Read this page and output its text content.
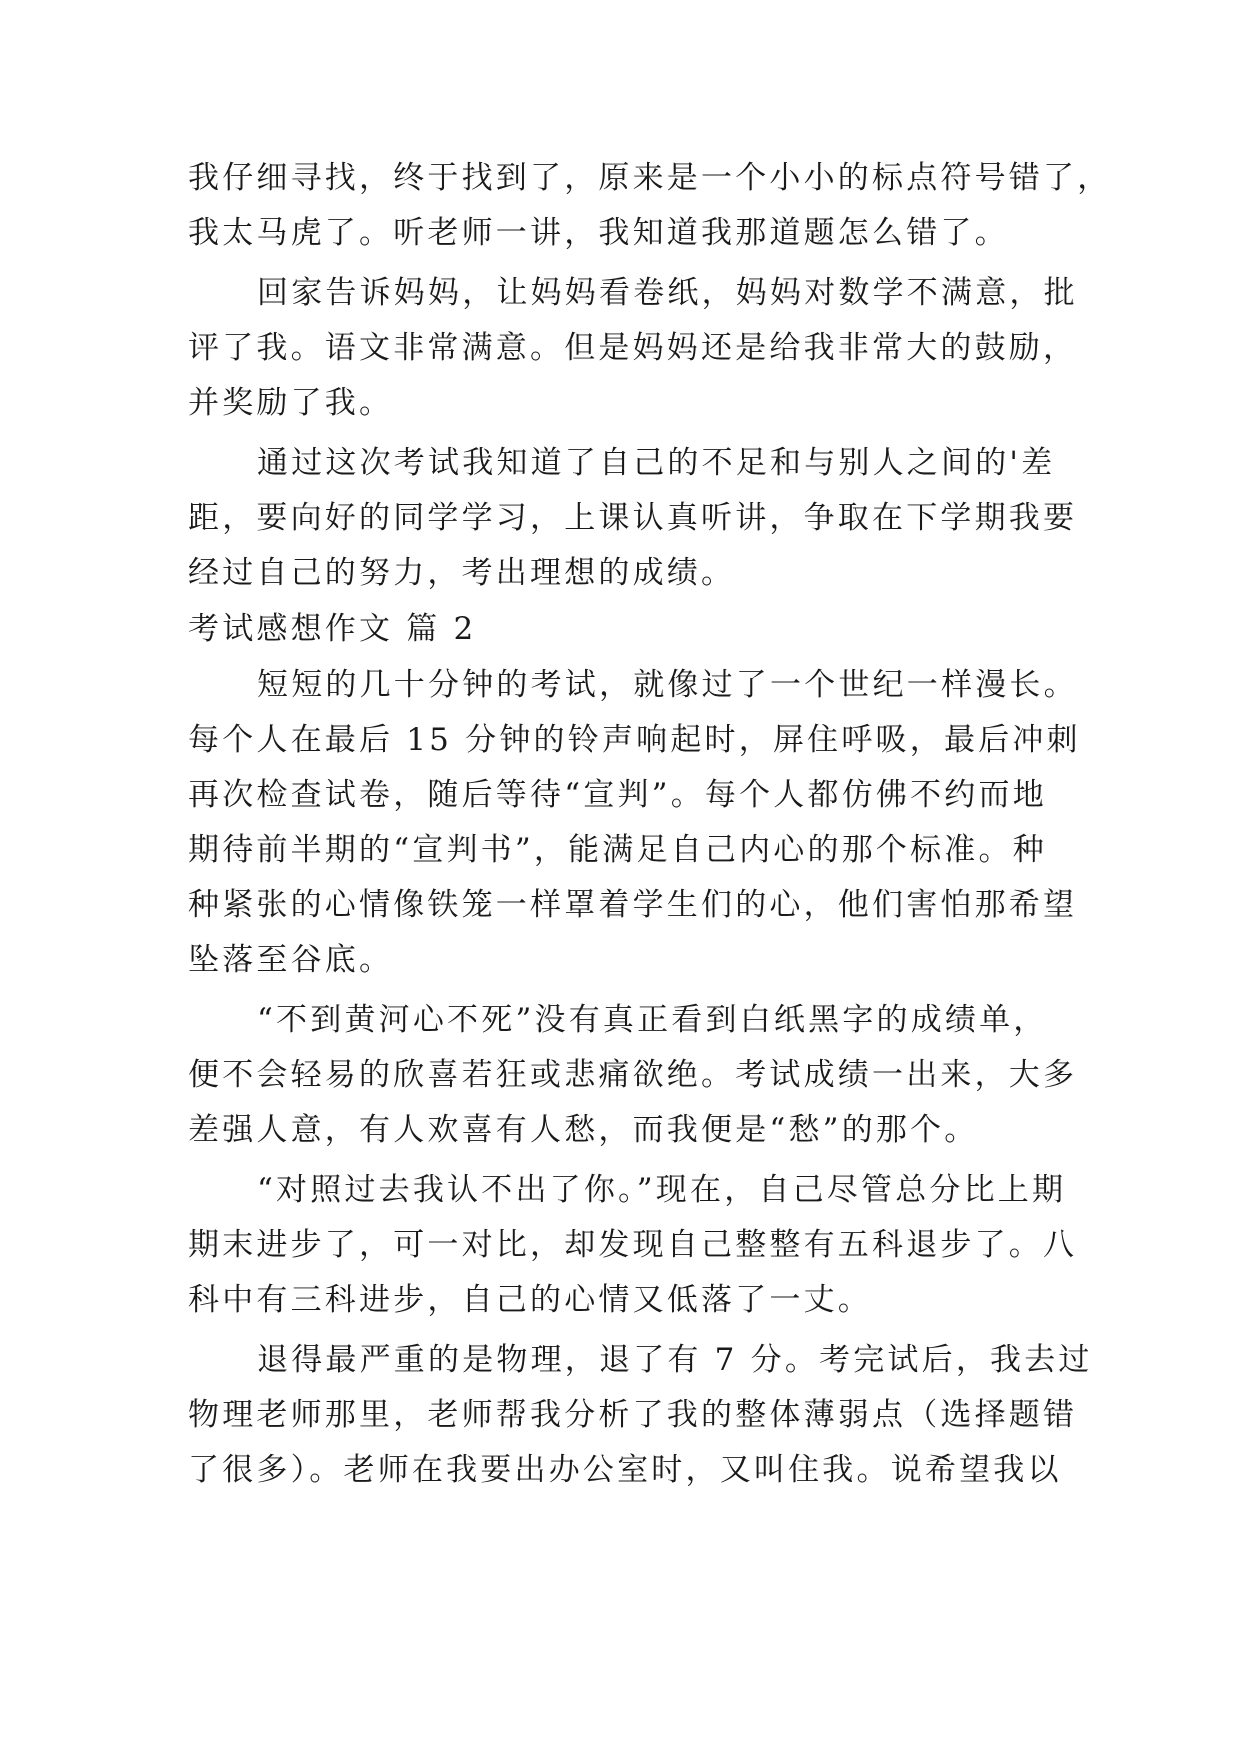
我仔细寻找，终于找到了，原来是一个小小的标点符号错了，
我太马虎了。听老师一讲，我知道我那道题怎么错了。
回家告诉妈妈，让妈妈看卷纸，妈妈对数学不满意，批
评了我。语文非常满意。但是妈妈还是给我非常大的鼓励，
并奖励了我。
通过这次考试我知道了自己的不足和与别人之间的'差
距，要向好的同学学习，上课认真听讲，争取在下学期我要
经过自己的努力，考出理想的成绩。
考试感想作文 篇 2
短短的几十分钟的考试，就像过了一个世纪一样漫长。
每个人在最后 15 分钟的铃声响起时，屏住呼吸，最后冲刺
再次检查试卷，随后等待“宣判”。每个人都仿佛不约而地
期待前半期的“宣判书”，能满足自己内心的那个标准。种
种紧张的心情像铁笼一样罩着学生们的心，他们害怕那希望
坠落至谷底。
“不到黄河心不死”没有真正看到白纸黑字的成绩单，
便不会轻易的欣喜若狂或悲痛欲绝。考试成绩一出来，大多
差强人意，有人欢喜有人愁，而我便是“愁”的那个。
“对照过去我认不出了你。”现在，自己尽管总分比上期
期末进步了，可一对比，却发现自己整整有五科退步了。八
科中有三科进步，自己的心情又低落了一丈。
退得最严重的是物理，退了有 7 分。考完试后，我去过
物理老师那里，老师帮我分析了我的整体薄弱点（选择题错
了很多）。老师在我要出办公室时，又叫住我。说希望我以
